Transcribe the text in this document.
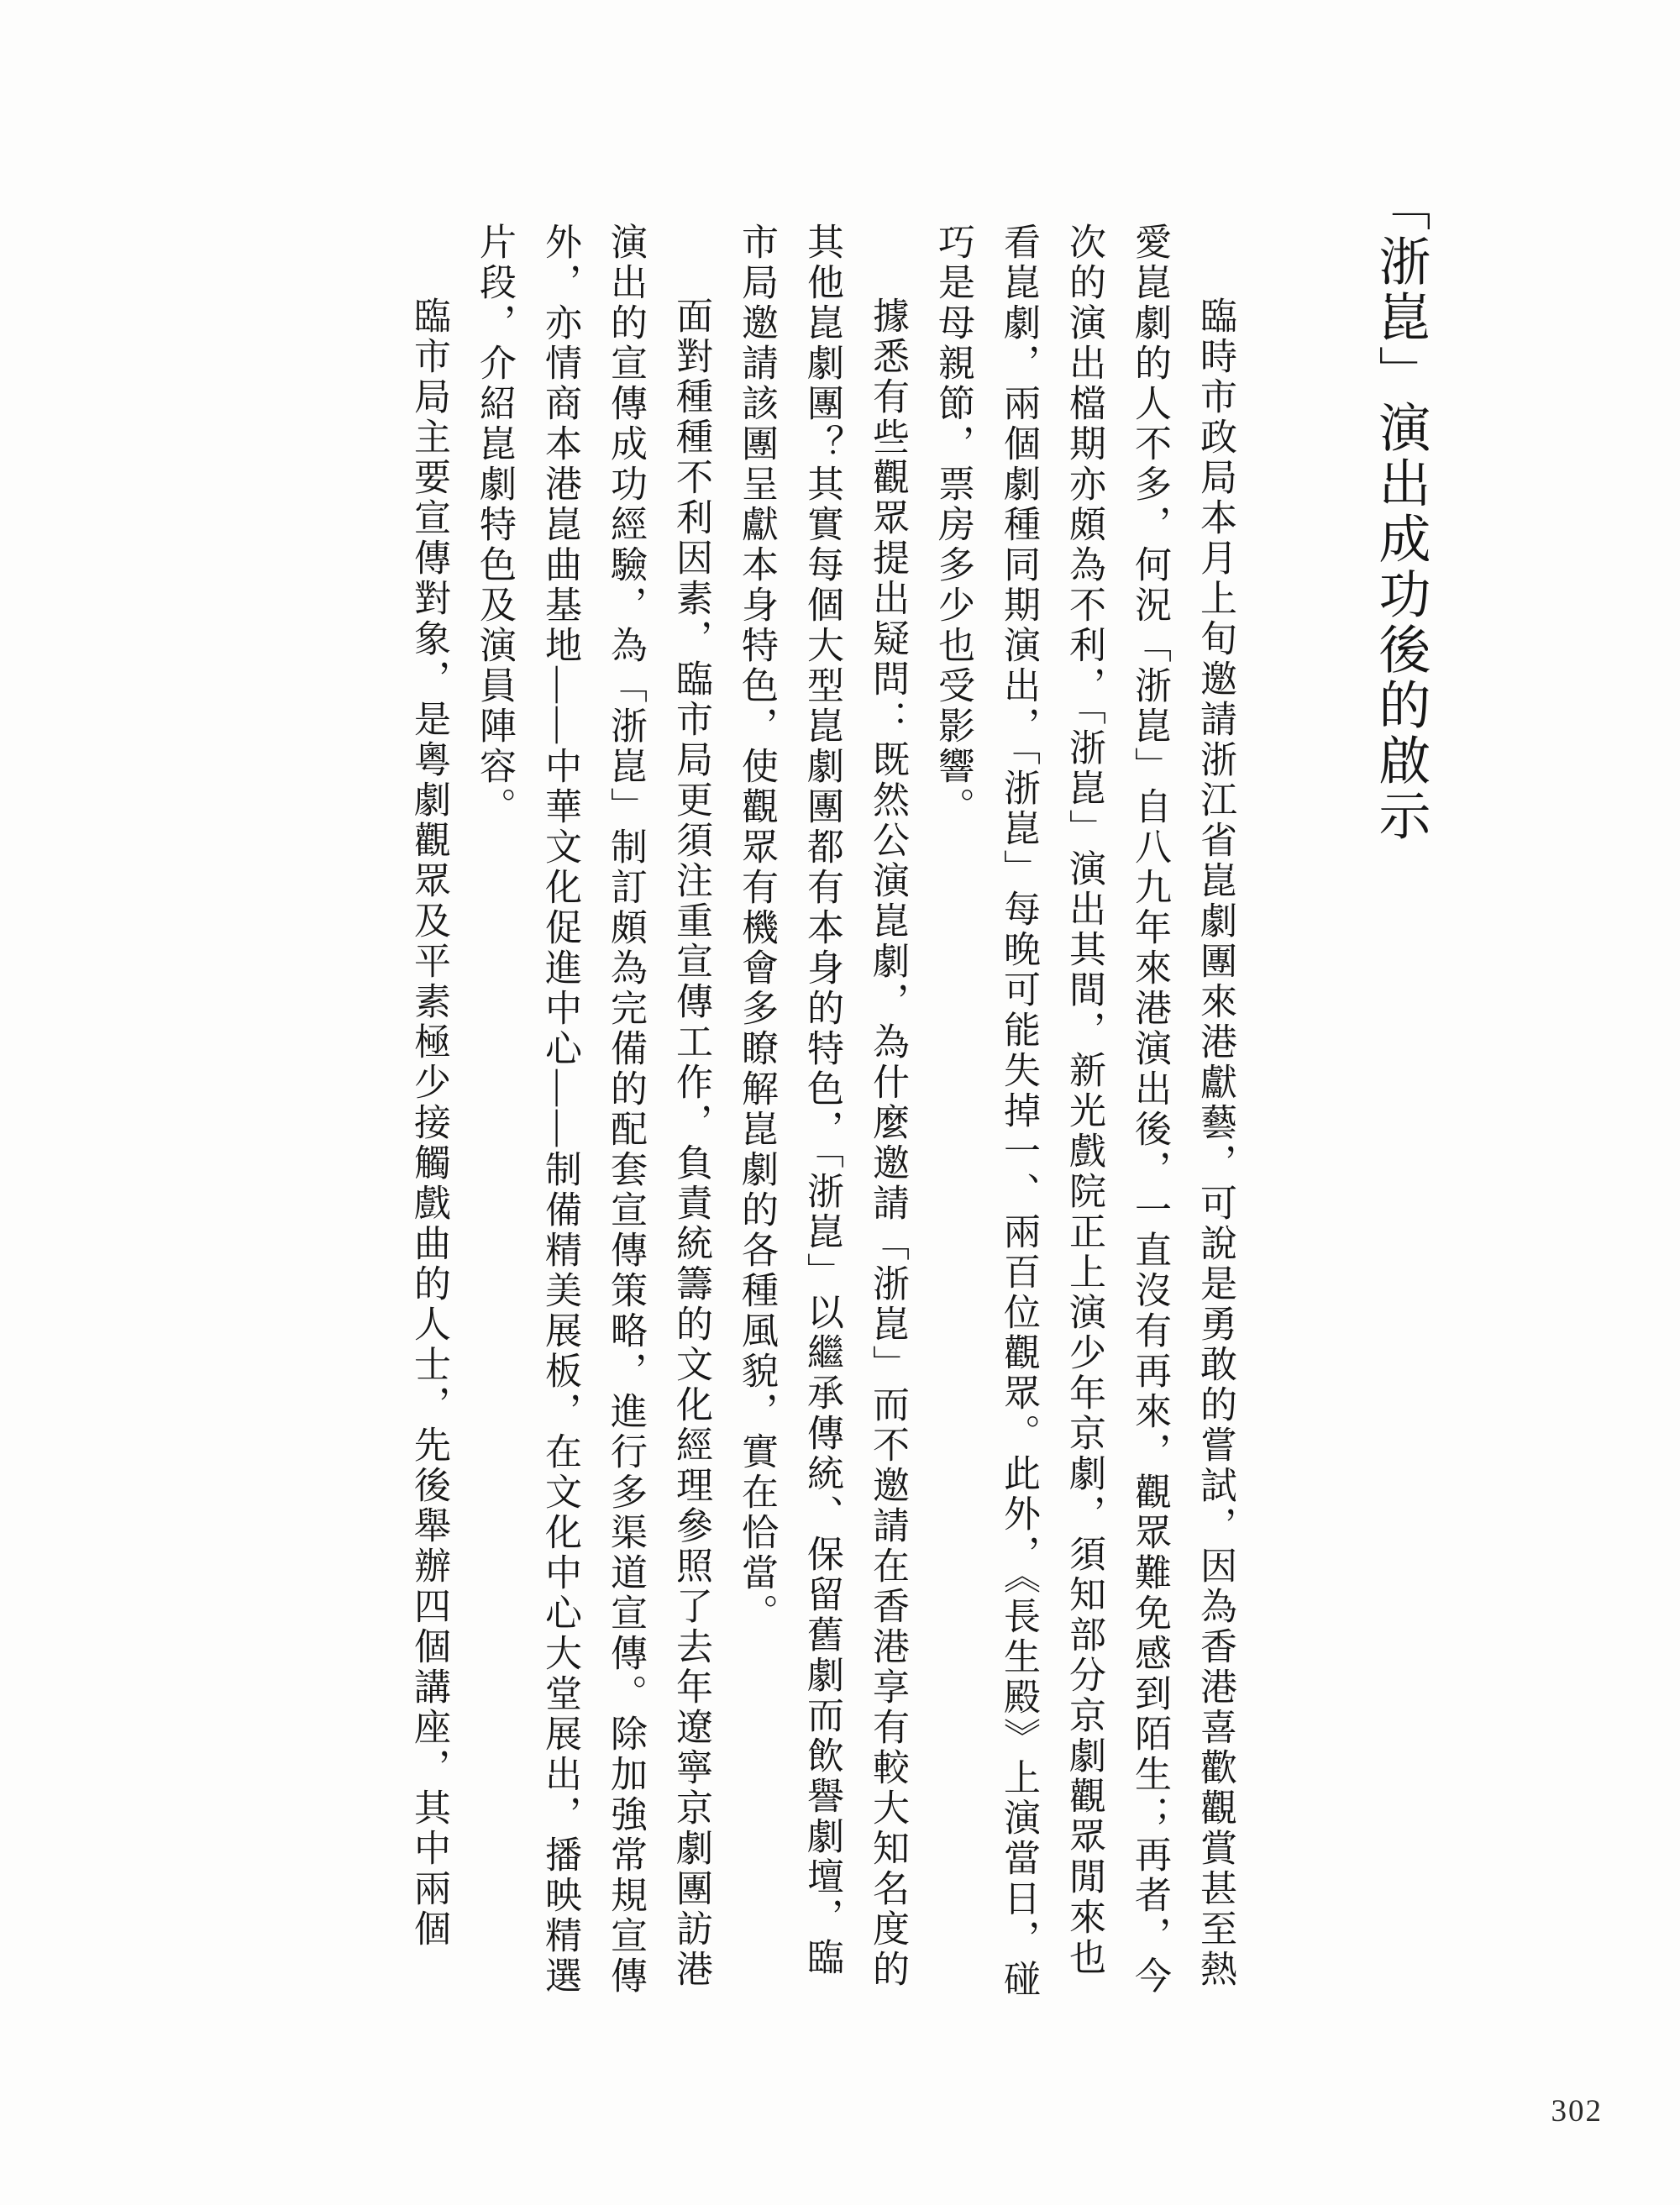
「浙崑」演出成功後的啟示

臨時市政局本月上旬邀請浙江省崑劇團來港獻藝，可說是勇敢的嘗試，因為香港喜歡觀賞甚至熱愛崑劇的人不多，何況「浙崑」自八九年來港演出後，一直沒有再來，觀眾難免感到陌生；再者，今次的演出檔期亦頗為不利，「浙崑」演出其間，新光戲院正上演少年京劇，須知部分京劇觀眾閒來也看崑劇，兩個劇種同期演出，「浙崑」每晚可能失掉一、兩百位觀眾。此外，《長生殿》上演當日，碰巧是母親節，票房多少也受影響。

據悉有些觀眾提出疑問：既然公演崑劇，為什麼邀請「浙崑」而不邀請在香港享有較大知名度的其他崑劇團？其實每個大型崑劇團都有本身的特色，「浙崑」以繼承傳統、保留舊劇而飲譽劇壇，臨市局邀請該團呈獻本身特色，使觀眾有機會多瞭解崑劇的各種風貌，實在恰當。

面對種種不利因素，臨市局更須注重宣傳工作，負責統籌的文化經理參照了去年遼寧京劇團訪港演出的宣傳成功經驗，為「浙崑」制訂頗為完備的配套宣傳策略，進行多渠道宣傳。除加強常規宣傳外，亦情商本港崑曲基地——中華文化促進中心——制備精美展板，在文化中心大堂展出，播映精選片段，介紹崑劇特色及演員陣容。

臨市局主要宣傳對象，是粵劇觀眾及平素極少接觸戲曲的人士，先後舉辦四個講座，其中兩個

302
